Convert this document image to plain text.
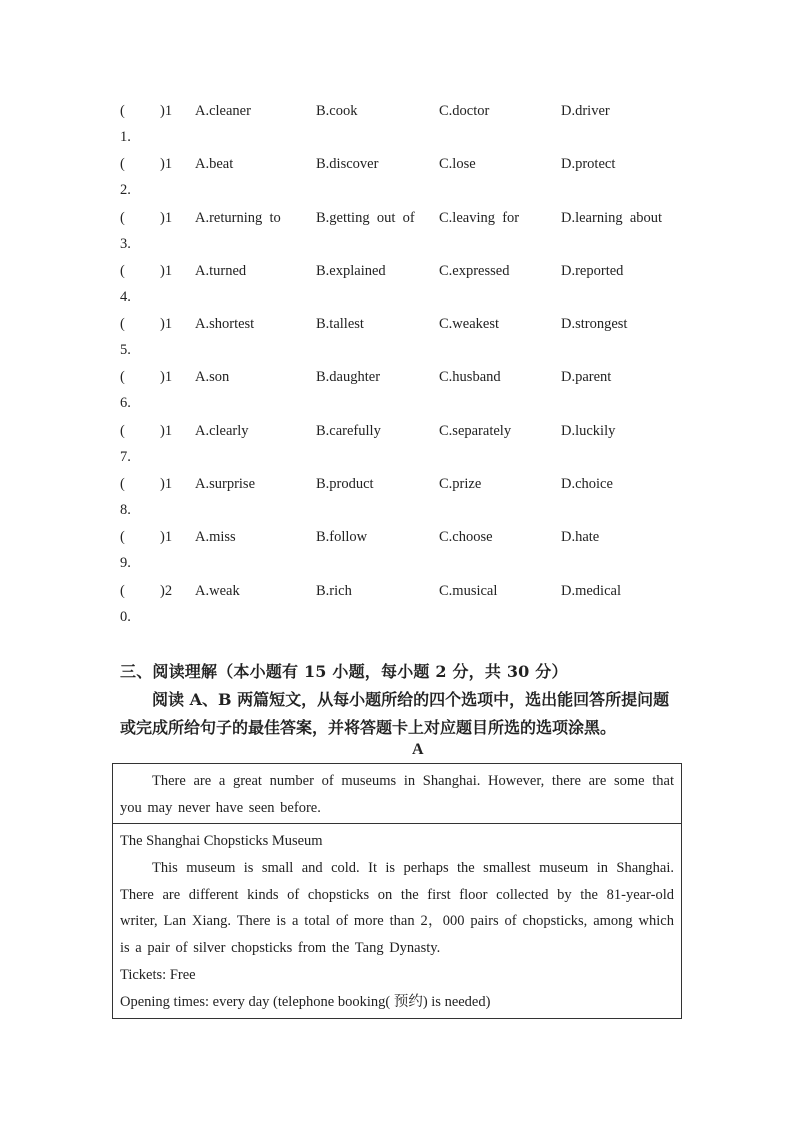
( )1
1.
A.cleaner	B.cook	C.doctor	D.driver
( )1
2.
A.beat	B.discover	C.lose	D.protect
( )1
3.
A.returning  to B.getting  out  of C.leaving  for	D.learning  about
( )1
4.
A.turned	B.explained	C.expressed	D.reported
( )1
5.
A.shortest	B.tallest	C.weakest	D.strongest
( )1
6.
A.son	B.daughter	C.husband	D.parent
( )1
7.
A.clearly	B.carefully	C.separately	D.luckily
( )1
8.
A.surprise	B.product	C.prize	D.choice
( )1
9.
A.miss	B.follow	C.choose	D.hate
( )2
0.
A.weak	B.rich	C.musical	D.medical
三、阅读理解（本小题有 15 小题，每小题 2 分，共 30 分）
阅读 A、B 两篇短文，从每小题所给的四个选项中，选出能回答所提问题或完成所给句子的最佳答案，并将答题卡上对应题目所选的选项涂黑。
A
There are a great number of museums in Shanghai. However, there are some that you may never have seen before.
The Shanghai Chopsticks Museum
This museum is small and cold. It is perhaps the smallest museum in Shanghai. There are different kinds of chopsticks on the first floor collected by the 81-year-old writer, Lan Xiang. There is a total of more than 2，000 pairs of chopsticks, among which is a pair of silver chopsticks from the Tang Dynasty.
Tickets: Free
Opening times: every day (telephone booking( 预约) is needed)
